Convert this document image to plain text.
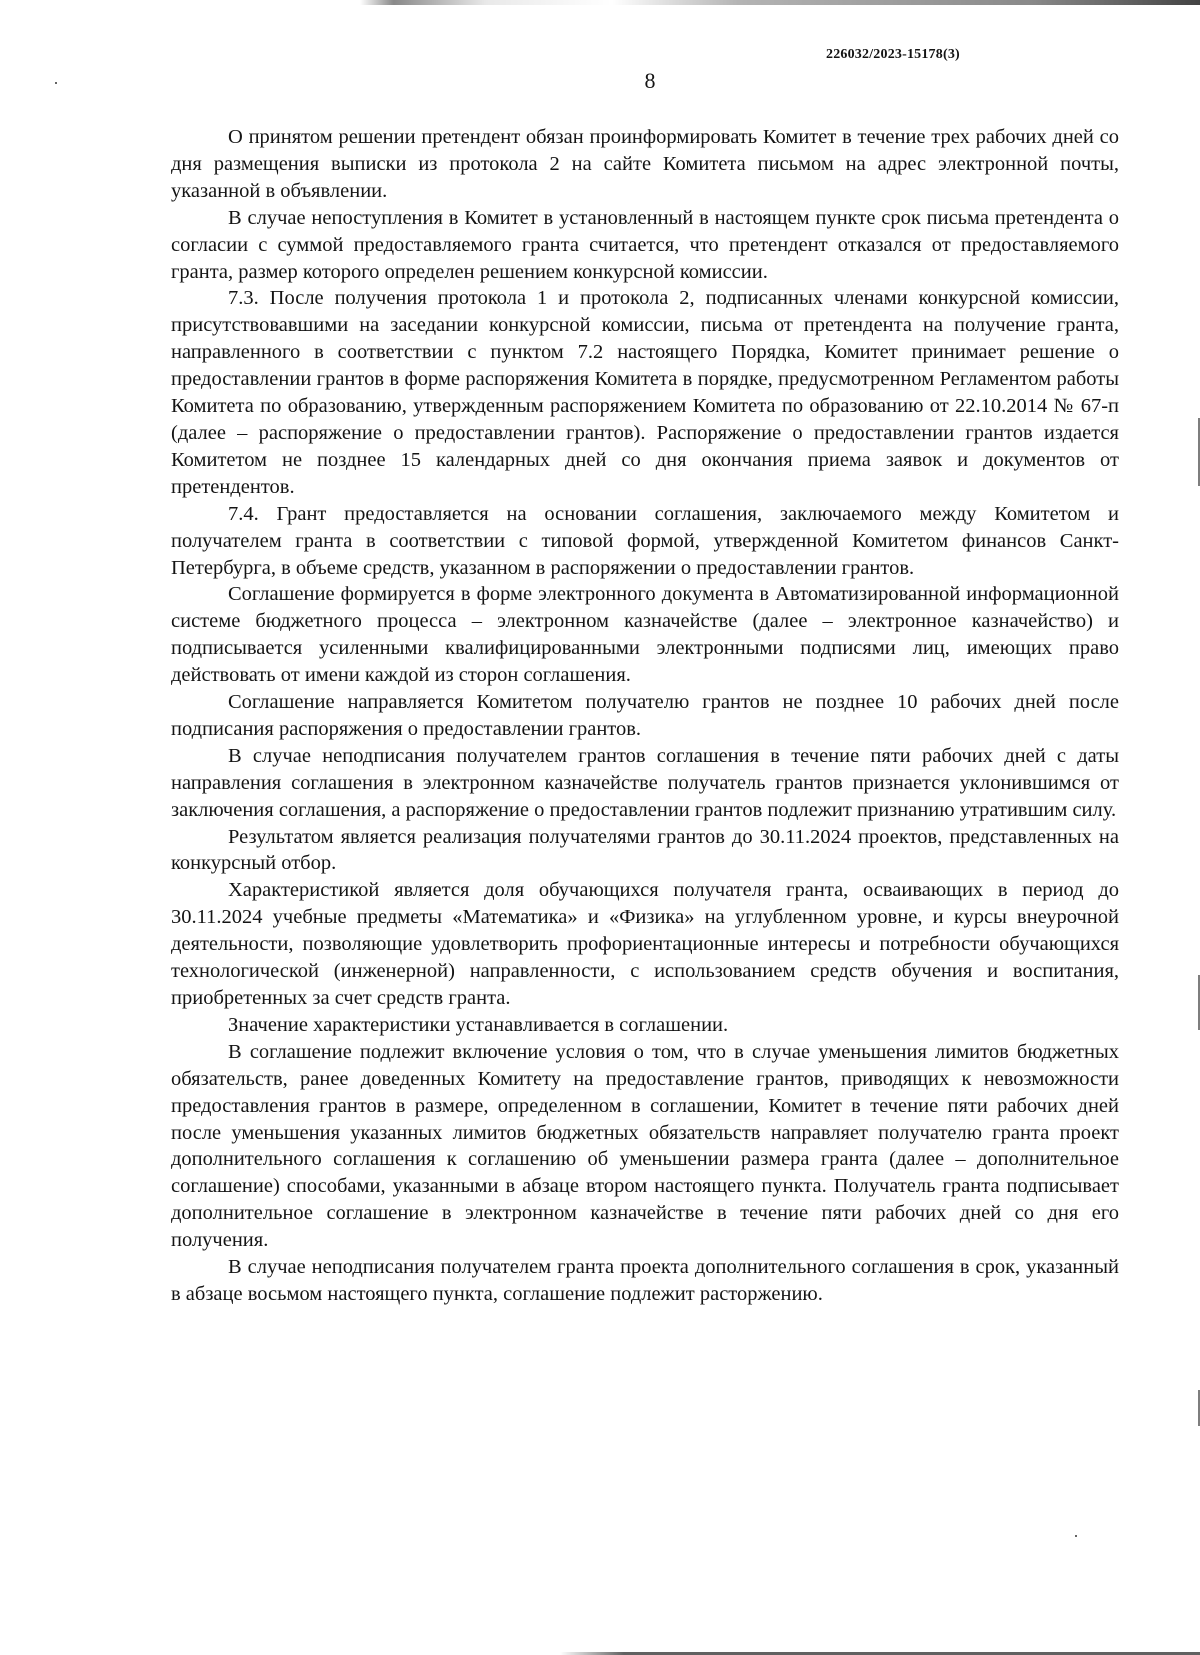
226032/2023-15178(3)
8

О принятом решении претендент обязан проинформировать Комитет в течение трех рабочих дней со дня размещения выписки из протокола 2 на сайте Комитета письмом на адрес электронной почты, указанной в объявлении.

В случае непоступления в Комитет в установленный в настоящем пункте срок письма претендента о согласии с суммой предоставляемого гранта считается, что претендент отказался от предоставляемого гранта, размер которого определен решением конкурсной комиссии.

7.3. После получения протокола 1 и протокола 2, подписанных членами конкурсной комиссии, присутствовавшими на заседании конкурсной комиссии, письма от претендента на получение гранта, направленного в соответствии с пунктом 7.2 настоящего Порядка, Комитет принимает решение о предоставлении грантов в форме распоряжения Комитета в порядке, предусмотренном Регламентом работы Комитета по образованию, утвержденным распоряжением Комитета по образованию от 22.10.2014 № 67-п (далее – распоряжение о предоставлении грантов). Распоряжение о предоставлении грантов издается Комитетом не позднее 15 календарных дней со дня окончания приема заявок и документов от претендентов.

7.4. Грант предоставляется на основании соглашения, заключаемого между Комитетом и получателем гранта в соответствии с типовой формой, утвержденной Комитетом финансов Санкт-Петербурга, в объеме средств, указанном в распоряжении о предоставлении грантов.

Соглашение формируется в форме электронного документа в Автоматизированной информационной системе бюджетного процесса – электронном казначействе (далее – электронное казначейство) и подписывается усиленными квалифицированными электронными подписями лиц, имеющих право действовать от имени каждой из сторон соглашения.

Соглашение направляется Комитетом получателю грантов не позднее 10 рабочих дней после подписания распоряжения о предоставлении грантов.

В случае неподписания получателем грантов соглашения в течение пяти рабочих дней с даты направления соглашения в электронном казначействе получатель грантов признается уклонившимся от заключения соглашения, а распоряжение о предоставлении грантов подлежит признанию утратившим силу.

Результатом является реализация получателями грантов до 30.11.2024 проектов, представленных на конкурсный отбор.

Характеристикой является доля обучающихся получателя гранта, осваивающих в период до 30.11.2024 учебные предметы «Математика» и «Физика» на углубленном уровне, и курсы внеурочной деятельности, позволяющие удовлетворить профориентационные интересы и потребности обучающихся технологической (инженерной) направленности, с использованием средств обучения и воспитания, приобретенных за счет средств гранта.

Значение характеристики устанавливается в соглашении.

В соглашение подлежит включение условия о том, что в случае уменьшения лимитов бюджетных обязательств, ранее доведенных Комитету на предоставление грантов, приводящих к невозможности предоставления грантов в размере, определенном в соглашении, Комитет в течение пяти рабочих дней после уменьшения указанных лимитов бюджетных обязательств направляет получателю гранта проект дополнительного соглашения к соглашению об уменьшении размера гранта (далее – дополнительное соглашение) способами, указанными в абзаце втором настоящего пункта. Получатель гранта подписывает дополнительное соглашение в электронном казначействе в течение пяти рабочих дней со дня его получения.

В случае неподписания получателем гранта проекта дополнительного соглашения в срок, указанный в абзаце восьмом настоящего пункта, соглашение подлежит расторжению.
